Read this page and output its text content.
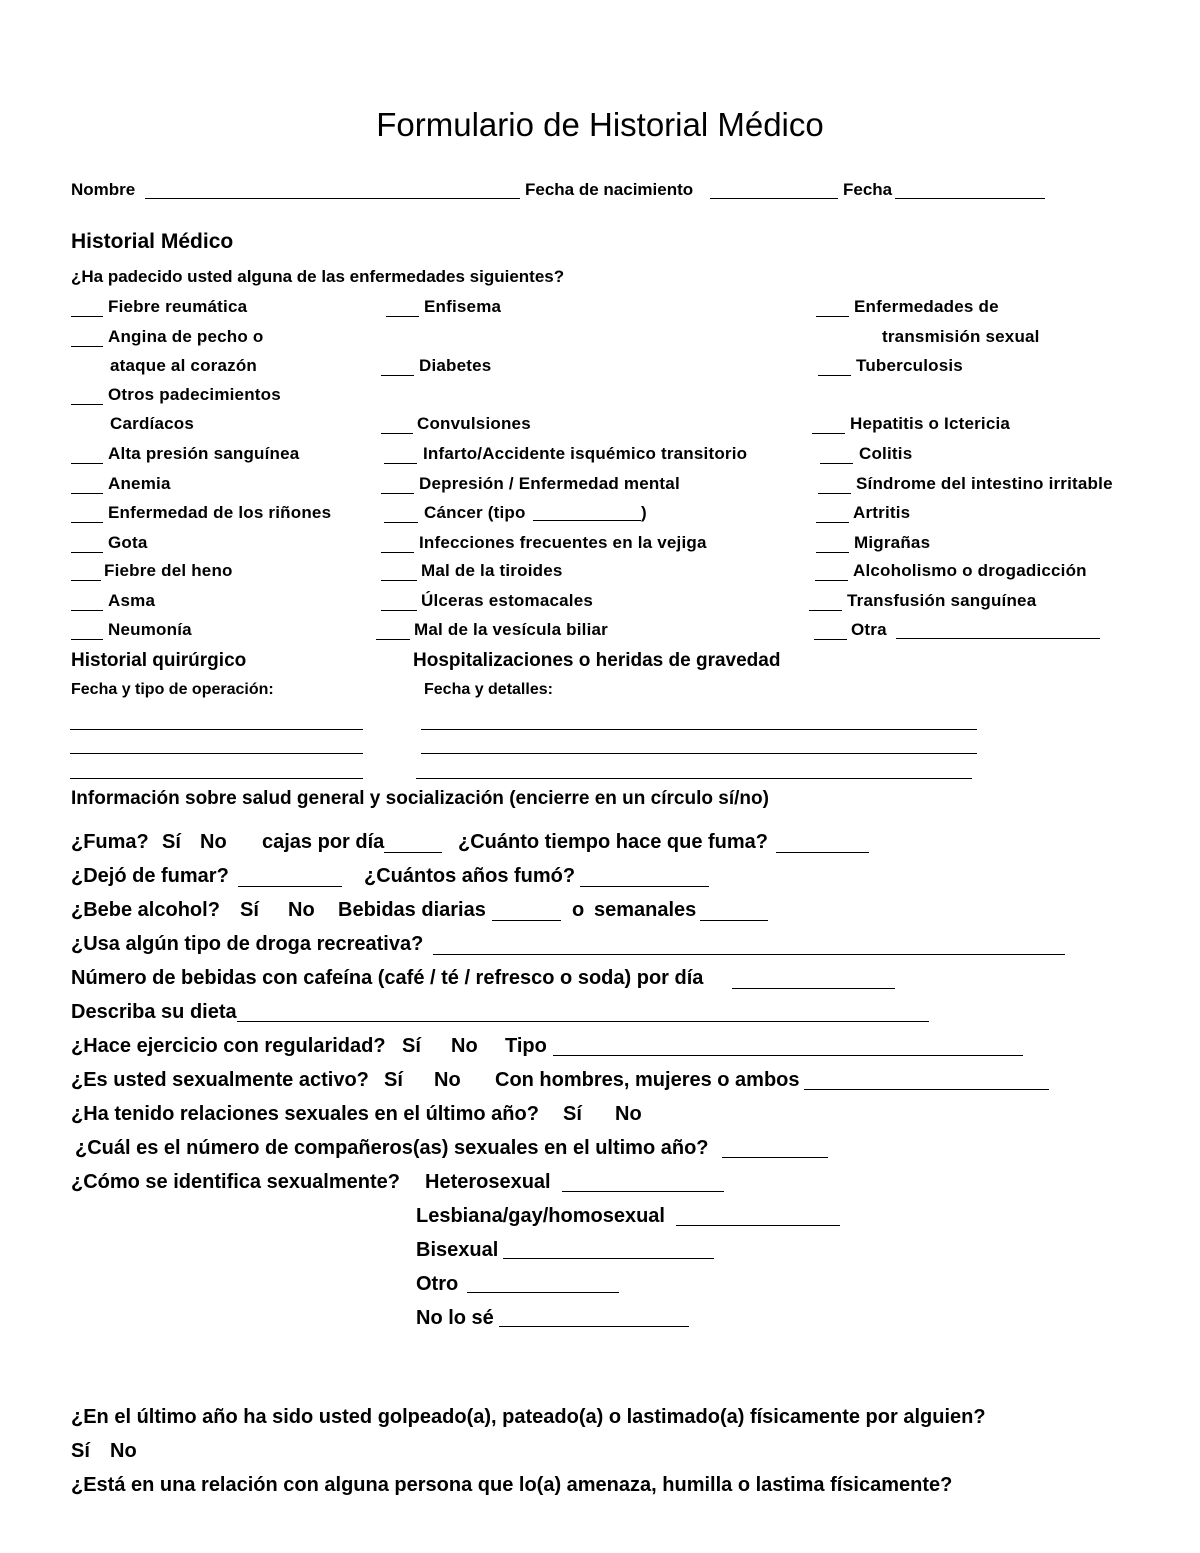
Formulario de Historial Médico
Nombre	Fecha de nacimiento	Fecha
Historial Médico
¿Ha padecido usted alguna de las enfermedades siguientes?
Fiebre reumática
Angina de pecho o
ataque al corazón
Otros padecimientos
Cardíacos
Alta presión sanguínea
Anemia
Enfermedad de los riñones
Gota
Fiebre del heno
Asma
Neumonía
Enfisema
Diabetes
Convulsiones
Infarto/Accidente isquémico transitorio
Depresión / Enfermedad mental
Cáncer (tipo	)
Infecciones frecuentes en la vejiga
Mal de la tiroides
Úlceras estomacales
Mal de la vesícula biliar
Enfermedades de
transmisión sexual
Tuberculosis
Hepatitis o Ictericia
Colitis
Síndrome del intestino irritable
Artritis
Migrañas
Alcoholismo o drogadicción
Transfusión sanguínea
Otra
Historial quirúrgico	Hospitalizaciones o heridas de gravedad
Fecha y tipo de operación:	Fecha y detalles:
Información sobre salud general y socialización (encierre en un círculo sí/no)
¿Fuma? Sí No cajas por día	¿Cuánto tiempo hace que fuma?
¿Dejó de fumar?	¿Cuántos años fumó?
¿Bebe alcohol? Sí No Bebidas diarias	o semanales
¿Usa algún tipo de droga recreativa?
Número de bebidas con cafeína (café / té / refresco o soda) por día
Describa su dieta
¿Hace ejercicio con regularidad? Sí No Tipo
¿Es usted sexualmente activo? Sí No Con hombres, mujeres o ambos
¿Ha tenido relaciones sexuales en el último año? Sí No
¿Cuál es el número de compañeros(as) sexuales en el ultimo año?
¿Cómo se identifica sexualmente? Heterosexual
Lesbiana/gay/homosexual
Bisexual
Otro
No lo sé
¿En el último año ha sido usted golpeado(a), pateado(a) o lastimado(a) físicamente por alguien?
Sí No
¿Está en una relación con alguna persona que lo(a) amenaza, humilla o lastima físicamente?
